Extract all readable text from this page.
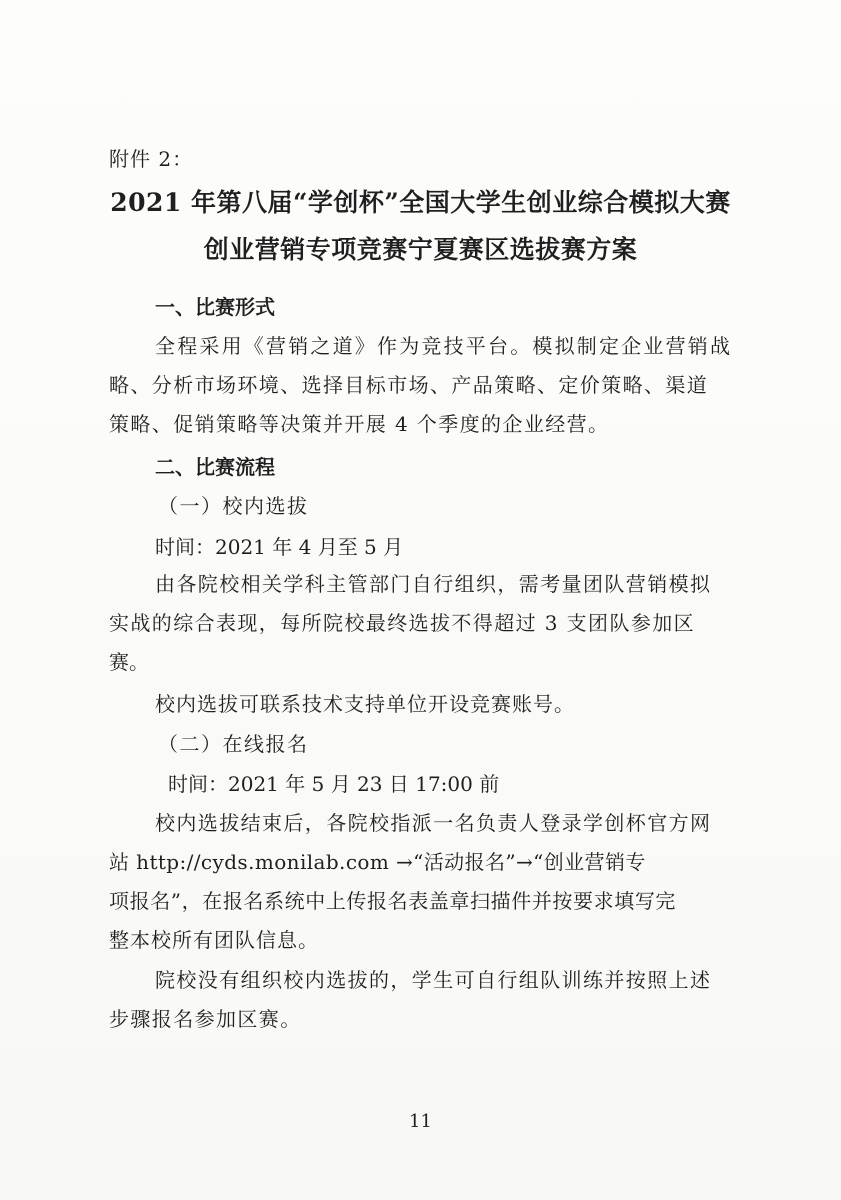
附件 2：
2021 年第八届“学创杯”全国大学生创业综合模拟大赛
创业营销专项竞赛宁夏赛区选拔赛方案
一、比赛形式
全程采用《营销之道》作为竞技平台。模拟制定企业营销战
略、分析市场环境、选择目标市场、产品策略、定价策略、渠道
策略、促销策略等决策并开展 4 个季度的企业经营。
二、比赛流程
（一）校内选拔
时间：2021 年 4 月至 5 月
由各院校相关学科主管部门自行组织，需考量团队营销模拟
实战的综合表现，每所院校最终选拔不得超过 3 支团队参加区
赛。
校内选拔可联系技术支持单位开设竞赛账号。
（二）在线报名
时间：2021 年 5 月 23 日 17:00 前
校内选拔结束后，各院校指派一名负责人登录学创杯官方网
站 http://cyds.monilab.com →“活动报名”→“创业营销专
项报名”，在报名系统中上传报名表盖章扫描件并按要求填写完
整本校所有团队信息。
院校没有组织校内选拔的，学生可自行组队训练并按照上述
步骤报名参加区赛。
11
